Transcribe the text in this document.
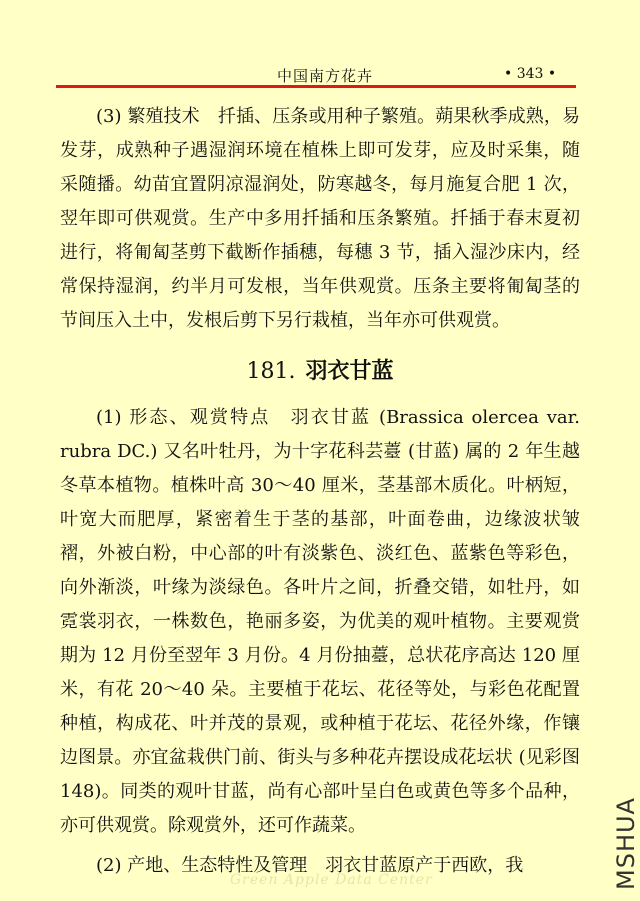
中国南方花卉	• 343 •

(3) 繁殖技术　扦插、压条或用种子繁殖。蒴果秋季成熟，易发芽，成熟种子遇湿润环境在植株上即可发芽，应及时采集，随采随播。幼苗宜置阴凉湿润处，防寒越冬，每月施复合肥 1 次，翌年即可供观赏。生产中多用扦插和压条繁殖。扦插于春末夏初进行，将匍匐茎剪下截断作插穗，每穗 3 节，插入湿沙床内，经常保持湿润，约半月可发根，当年供观赏。压条主要将匍匐茎的节间压入土中，发根后剪下另行栽植，当年亦可供观赏。

181. 羽衣甘蓝

(1) 形态、观赏特点　羽衣甘蓝 (Brassica olercea var. rubra DC.) 又名叶牡丹，为十字花科芸薹 (甘蓝) 属的 2 年生越冬草本植物。植株叶高 30～40 厘米，茎基部木质化。叶柄短，叶宽大而肥厚，紧密着生于茎的基部，叶面卷曲，边缘波状皱褶，外被白粉，中心部的叶有淡紫色、淡红色、蓝紫色等彩色，向外渐淡，叶缘为淡绿色。各叶片之间，折叠交错，如牡丹，如霓裳羽衣，一株数色，艳丽多姿，为优美的观叶植物。主要观赏期为 12 月份至翌年 3 月份。4 月份抽薹，总状花序高达 120 厘米，有花 20～40 朵。主要植于花坛、花径等处，与彩色花配置种植，构成花、叶并茂的景观，或种植于花坛、花径外缘，作镶边图景。亦宜盆栽供门前、街头与多种花卉摆设成花坛状 (见彩图 148)。同类的观叶甘蓝，尚有心部叶呈白色或黄色等多个品种，亦可供观赏。除观赏外，还可作蔬菜。

(2) 产地、生态特性及管理　羽衣甘蓝原产于西欧，我

Green Apple Data Center	MSHUA
